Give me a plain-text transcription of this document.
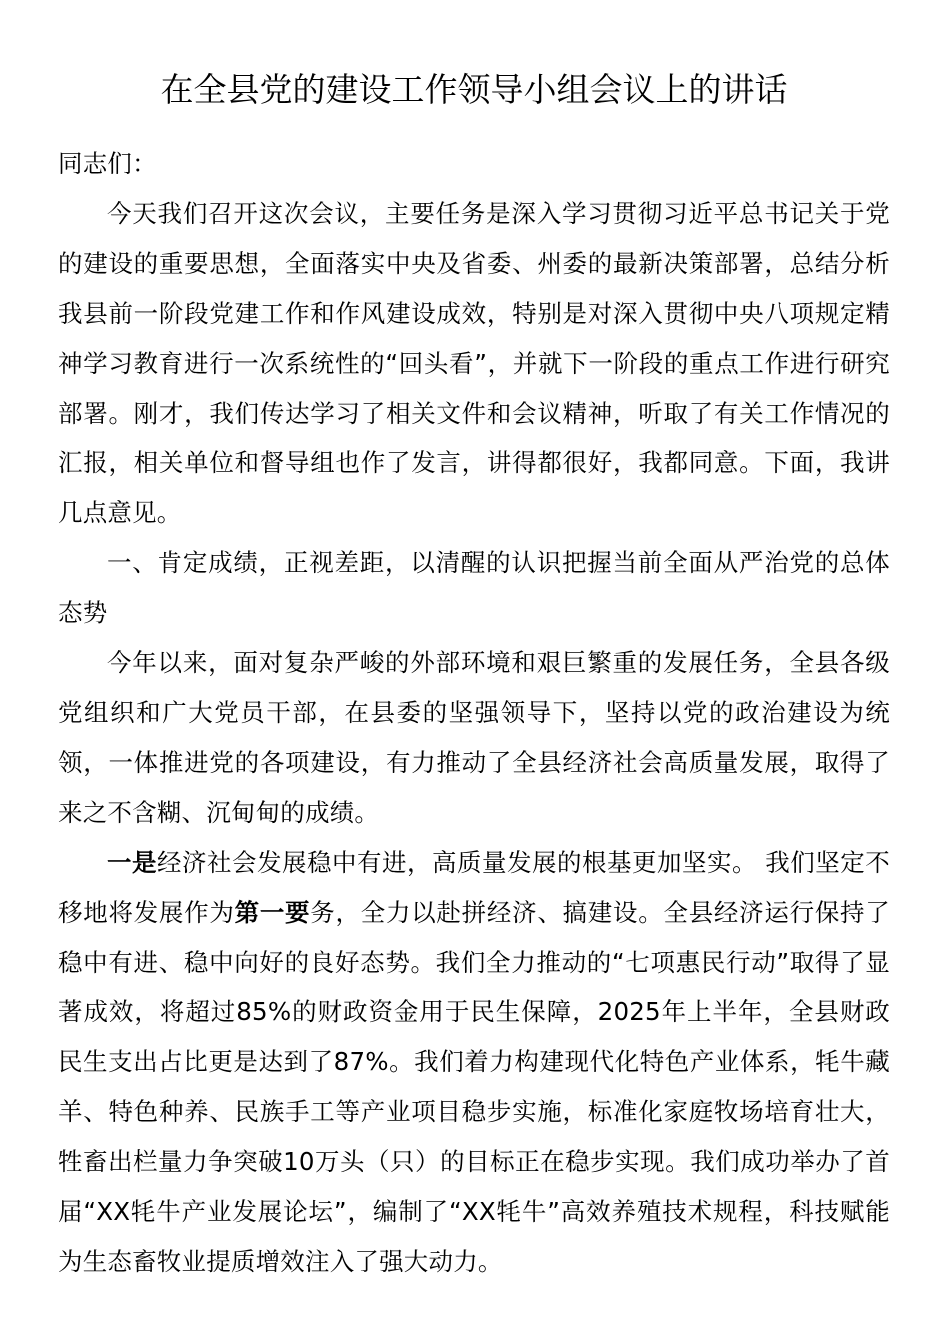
在全县党的建设工作领导小组会议上的讲话

同志们：

今天我们召开这次会议，主要任务是深入学习贯彻习近平总书记关于党的建设的重要思想，全面落实中央及省委、州委的最新决策部署，总结分析我县前一阶段党建工作和作风建设成效，特别是对深入贯彻中央八项规定精神学习教育进行一次系统性的“回头看”，并就下一阶段的重点工作进行研究部署。刚才，我们传达学习了相关文件和会议精神，听取了有关工作情况的汇报，相关单位和督导组也作了发言，讲得都很好，我都同意。下面，我讲几点意见。

一、肯定成绩，正视差距，以清醒的认识把握当前全面从严治党的总体态势

今年以来，面对复杂严峻的外部环境和艰巨繁重的发展任务，全县各级党组织和广大党员干部，在县委的坚强领导下，坚持以党的政治建设为统领，一体推进党的各项建设，有力推动了全县经济社会高质量发展，取得了来之不含糊、沉甸甸的成绩。

一是经济社会发展稳中有进，高质量发展的根基更加坚实。 我们坚定不移地将发展作为第一要务，全力以赴拼经济、搞建设。全县经济运行保持了稳中有进、稳中向好的良好态势。我们全力推动的“七项惠民行动”取得了显著成效，将超过85%的财政资金用于民生保障，2025年上半年，全县财政民生支出占比更是达到了87%。我们着力构建现代化特色产业体系，牦牛藏羊、特色种养、民族手工等产业项目稳步实施，标准化家庭牧场培育壮大，牲畜出栏量力争突破10万头（只）的目标正在稳步实现。我们成功举办了首届“XX牦牛产业发展论坛”，编制了“XX牦牛”高效养殖技术规程，科技赋能为生态畜牧业提质增效注入了强大动力。
